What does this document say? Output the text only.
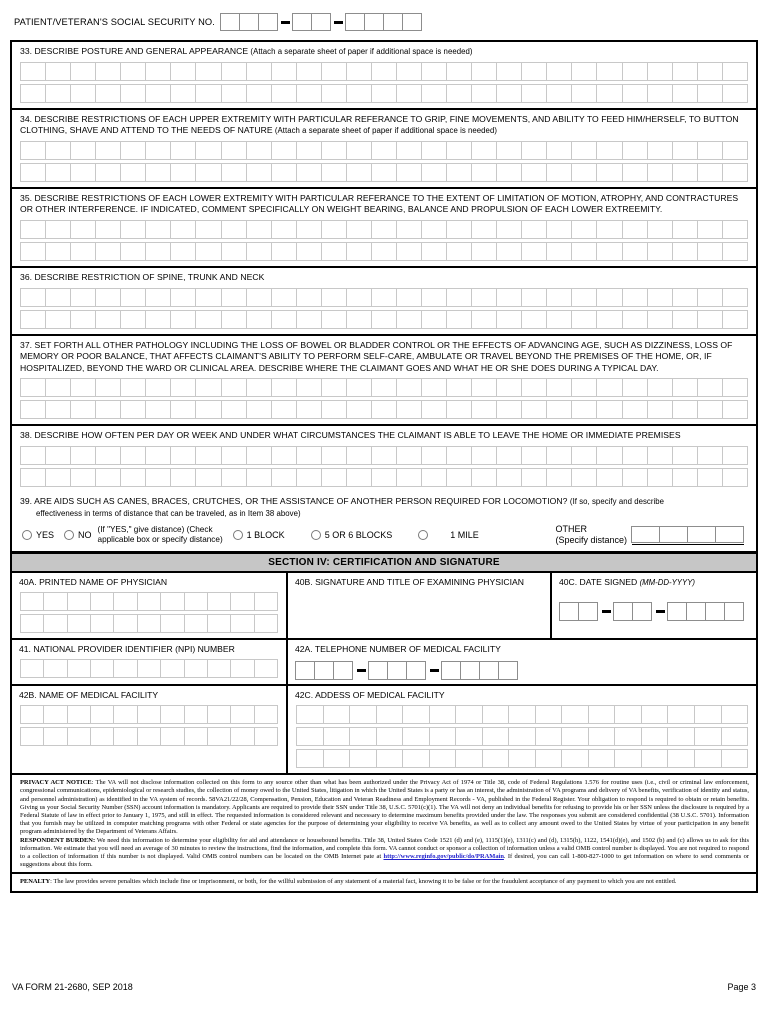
PATIENT/VETERAN'S SOCIAL SECURITY NO.
33. DESCRIBE POSTURE AND GENERAL APPEARANCE (Attach a separate sheet of paper if additional space is needed)
34. DESCRIBE RESTRICTIONS OF EACH UPPER EXTREMITY WITH PARTICULAR REFERANCE TO GRIP, FINE MOVEMENTS, AND ABILITY TO FEED HIM/HERSELF, TO BUTTON CLOTHING, SHAVE AND ATTEND TO THE NEEDS OF NATURE (Attach a separate sheet of paper if additional space is needed)
35. DESCRIBE RESTRICTIONS OF EACH LOWER EXTREMITY WITH PARTICULAR REFERANCE TO THE EXTENT OF LIMITATION OF MOTION, ATROPHY, AND CONTRACTURES OR OTHER INTERFERENCE. IF INDICATED, COMMENT SPECIFICALLY ON WEIGHT BEARING, BALANCE AND PROPULSION OF EACH LOWER EXTREEMITY.
36. DESCRIBE RESTRICTION OF SPINE, TRUNK AND NECK
37. SET FORTH ALL OTHER PATHOLOGY INCLUDING THE LOSS OF BOWEL OR BLADDER CONTROL OR THE EFFECTS OF ADVANCING AGE, SUCH AS DIZZINESS, LOSS OF MEMORY OR POOR BALANCE, THAT AFFECTS CLAIMANT'S ABILITY TO PERFORM SELF-CARE, AMBULATE OR TRAVEL BEYOND THE PREMISES OF THE HOME, OR, IF HOSPITALIZED, BEYOND THE WARD OR CLINICAL AREA. DESCRIBE WHERE THE CLAIMANT GOES AND WHAT HE OR SHE DOES DURING A TYPICAL DAY.
38. DESCRIBE HOW OFTEN PER DAY OR WEEK AND UNDER WHAT CIRCUMSTANCES THE CLAIMANT IS ABLE TO LEAVE THE HOME OR IMMEDIATE PREMISES
39. ARE AIDS SUCH AS CANES, BRACES, CRUTCHES, OR THE ASSISTANCE OF ANOTHER PERSON REQUIRED FOR LOCOMOTION? (If so, specify and describe
effectiveness in terms of distance that can be traveled, as in Item 38 above)
YES	NO
(If "YES," give distance) (Check
applicable box or specify distance)	1 BLOCK	5 OR 6 BLOCKS	1 MILE
OTHER
(Specify distance)
SECTION IV: CERTIFICATION AND SIGNATURE
40A. PRINTED NAME OF PHYSICIAN	40B. SIGNATURE AND TITLE OF EXAMINING PHYSICIAN	40C. DATE SIGNED (MM-DD-YYYY)
41. NATIONAL PROVIDER IDENTIFIER (NPI) NUMBER	42A. TELEPHONE NUMBER OF MEDICAL FACILITY
42B. NAME OF MEDICAL FACILITY	42C. ADDESS OF MEDICAL FACILITY

PRIVACY ACT NOTICE: The VA will not disclose information collected on this form to any source other than what has been authorized under the Privacy Act of 1974 or Title 38, code of Federal Regulations 1.576 for routine uses (i.e., civil or criminal law enforcement, congressional communications, epidemiological or research studies, the collection of money owed to the United States, litigation in which the United States is a party or has an interest, the administration of VA programs and delivery of VA benefits, verification of identity and status, and personnel administration) as identified in the VA system of records. 58VA21/22/28, Compensation, Pension, Education and Veteran Readiness and Employment Records - VA, published in the Federal Register. Your obligation to respond is required to obtain or retain benefits. Giving us your Social Security Number (SSN) account information is mandatory. Applicants are required to provide their SSN under Title 38, U.S.C. 5701(c)(1). The VA will not deny an individual benefits for refusing to provide his or her SSN unless the disclosure is required by a Federal Statute of law in effect prior to January 1, 1975, and still in effect. The requested information is considered relevant and necessary to determine maximum benefits provided under the law. The responses you submit are considered confidential (38 U.S.C. 5701). Information that you furnish may be utilized in computer matching programs with other Federal or state agencies for the purpose of determining your eligibility to receive VA benefits, as well as to collect any amount owed to the United States by virtue of your participation in any benefit program administered by the Department of Veterans Affairs.

RESPONDENT BURDEN: We need this information to determine your eligibility for aid and attendance or housebound benefits. Title 38, United States Code 1521 (d) and (e), 1115(1)(e), 1311(c) and (d), 1315(h), 1122, 1541(d)(e), and 1502 (b) and (c) allows us to ask for this information. We estimate that you will need an average of 30 minutes to review the instructions, find the information, and complete this form. VA cannot conduct or sponsor a collection of information unless a valid OMB control number is displayed. You are not required to respond to a collection of information if this number is not displayed. Valid OMB control numbers can be located on the OMB Internet pate at http://www.reginfo.gov/public/do/PRAMain. If desired, you can call 1-800-827-1000 to get information on where to send comments or suggestions about this form.

PENALTY: The law provides severe penalties which include fine or imprisonment, or both, for the willful submission of any statement of a material fact, knowing it to be false or for the fraudulent acceptance of any payment to which you are not entitled.
VA FORM 21-2680, SEP 2018	Page 3
